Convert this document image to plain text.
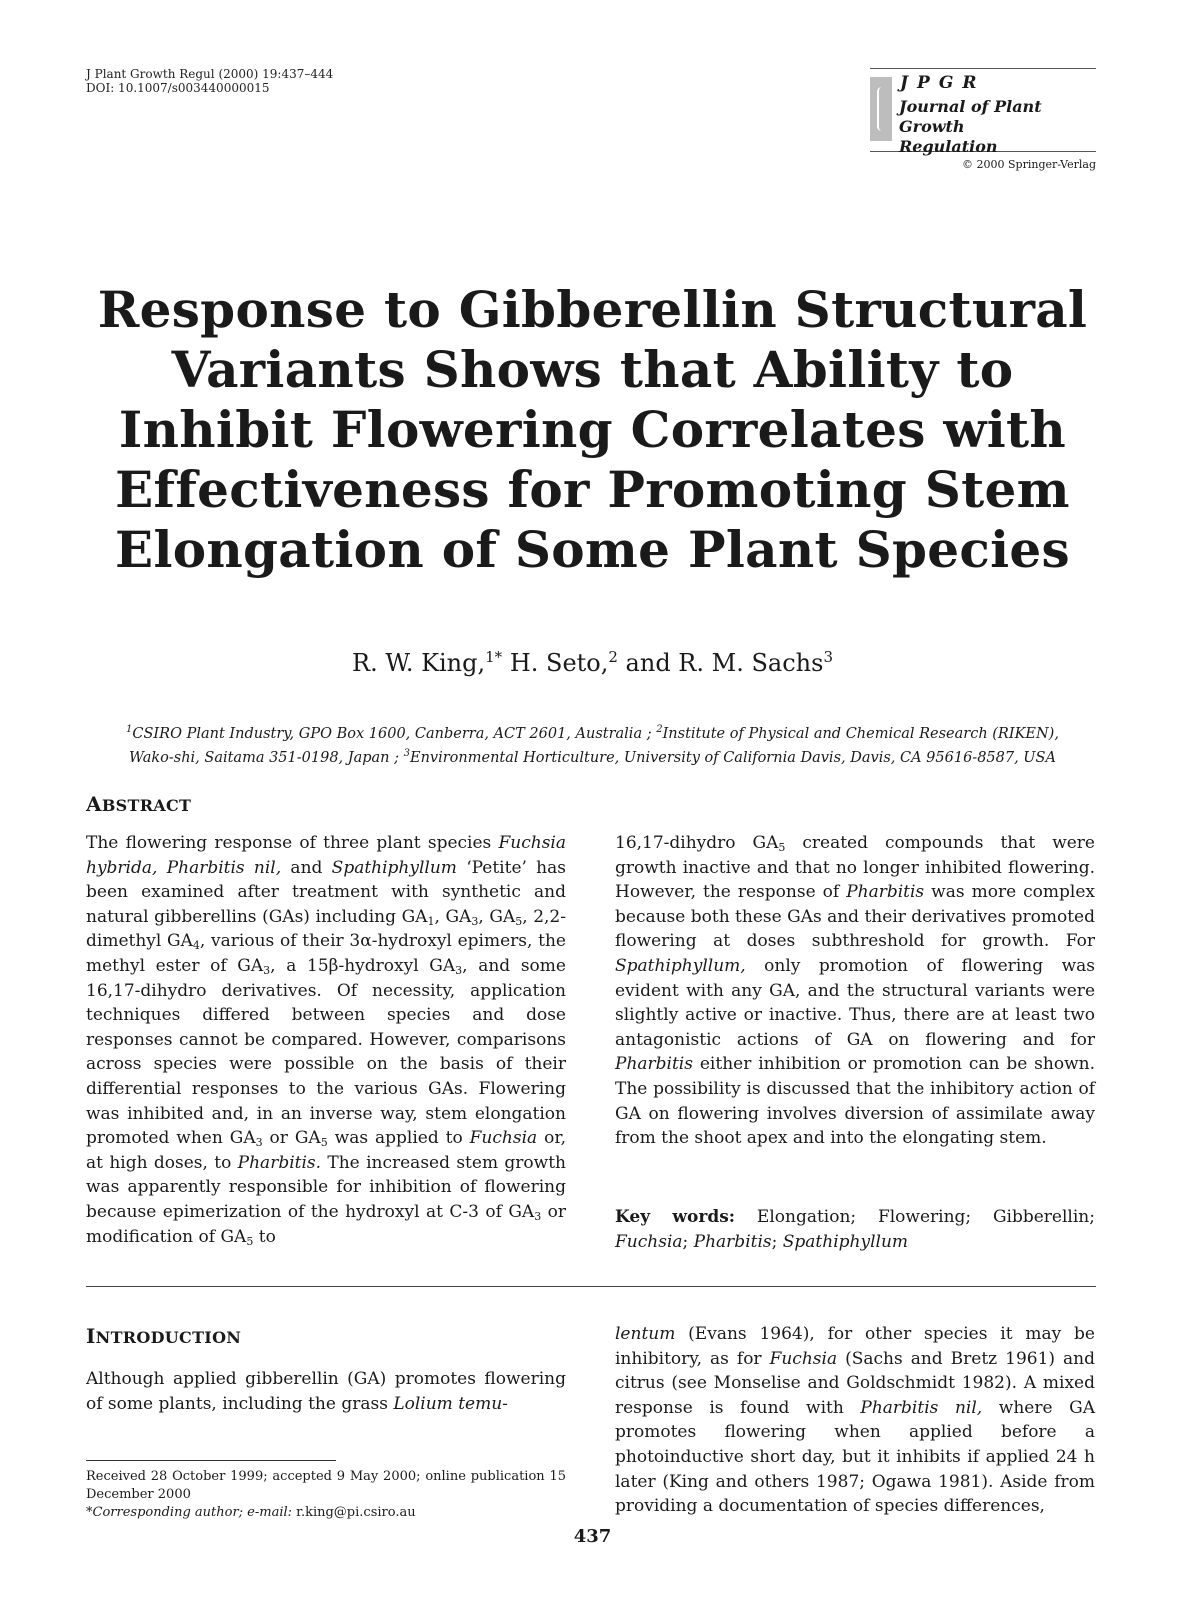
J Plant Growth Regul (2000) 19:437–444
DOI: 10.1007/s003440000015	JPGR
Journal of Plant Growth
Regulation
© 2000 Springer-Verlag
Response to Gibberellin Structural
Variants Shows that Ability to
Inhibit Flowering Correlates with
Effectiveness for Promoting Stem
Elongation of Some Plant Species
R. W. King,$^{1*}$ H. Seto,$^2$ and R. M. Sachs$^3$
$^1$CSIRO Plant Industry, GPO Box 1600, Canberra, ACT 2601, Australia ; $^2$Institute of Physical and Chemical Research (RIKEN),
Wako-shi, Saitama 351-0198, Japan ; $^3$Environmental Horticulture, University of California Davis, Davis, CA 95616-8587, USA
ABSTRACT
The flowering response of three plant species Fuchsia hybrida, Pharbitis nil, and Spathiphyllum ‘Petite’ has been examined after treatment with synthetic and natural gibberellins (GAs) including $GA_1$, $GA_3$, $GA_5$, 2,2-dimethyl $GA_4$, various of their 3α-hydroxyl epimers, the methyl ester of $GA_3$, a 15β-hydroxyl $GA_3$, and some 16,17-dihydro derivatives. Of necessity, application techniques differed between species and dose responses cannot be compared. However, comparisons across species were possible on the basis of their differential responses to the various GAs. Flowering was inhibited and, in an inverse way, stem elongation promoted when $GA_3$ or $GA_5$ was applied to Fuchsia or, at high doses, to Pharbitis. The increased stem growth was apparently responsible for inhibition of flowering because epimerization of the hydroxyl at C-3 of $GA_3$ or modification of $GA_5$ to
16,17-dihydro $GA_5$ created compounds that were growth inactive and that no longer inhibited flowering. However, the response of Pharbitis was more complex because both these GAs and their derivatives promoted flowering at doses subthreshold for growth. For Spathiphyllum, only promotion of flowering was evident with any GA, and the structural variants were slightly active or inactive. Thus, there are at least two antagonistic actions of GA on flowering and for Pharbitis either inhibition or promotion can be shown. The possibility is discussed that the inhibitory action of GA on flowering involves diversion of assimilate away from the shoot apex and into the elongating stem.
Key words: Elongation; Flowering; Gibberellin; Fuchsia; Pharbitis; Spathiphyllum
INTRODUCTION
Although applied gibberellin (GA) promotes flowering of some plants, including the grass Lolium temu-
lentum (Evans 1964), for other species it may be inhibitory, as for Fuchsia (Sachs and Bretz 1961) and citrus (see Monselise and Goldschmidt 1982). A mixed response is found with Pharbitis nil, where GA promotes flowering when applied before a photoinductive short day, but it inhibits if applied 24 h later (King and others 1987; Ogawa 1981). Aside from providing a documentation of species differences,
Received 28 October 1999; accepted 9 May 2000; online publication 15 December 2000
*Corresponding author; e-mail: r.king@pi.csiro.au
437
